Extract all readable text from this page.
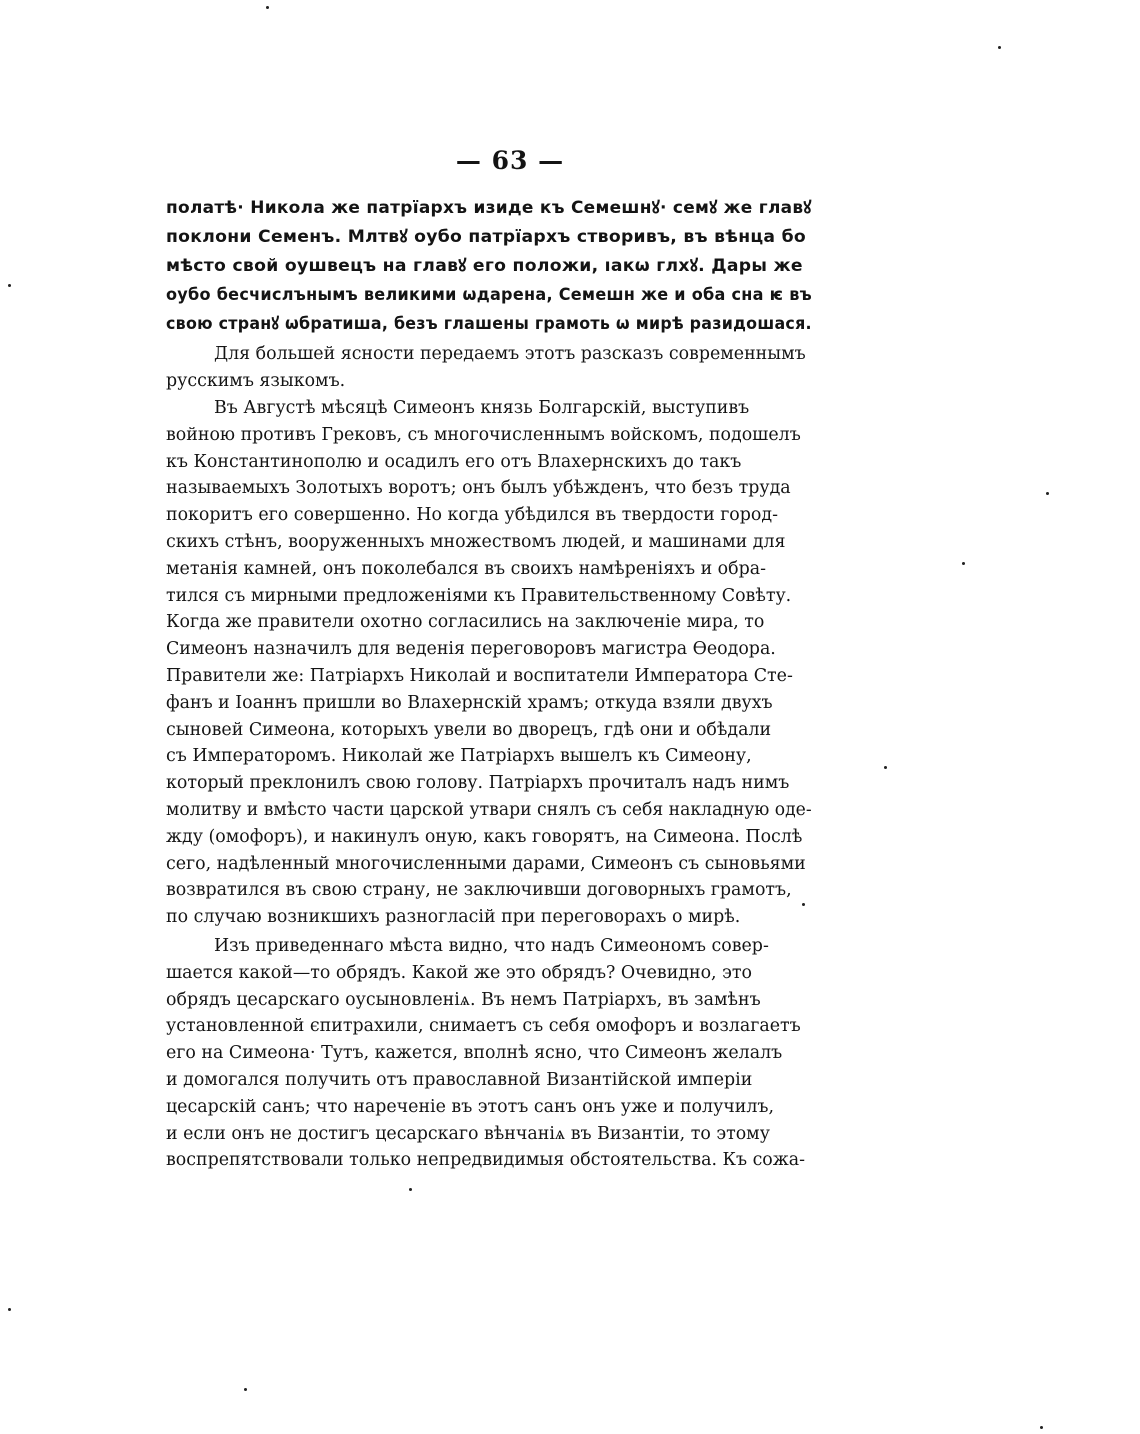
— 63 —
полатѣ· Никола же патрїархъ изиде къ Семешнꙋ· семꙋ же главꙋ
поклони Семенъ. Млтвꙋ оубо патрїархъ створивъ, въ вѣнца бо
мѣсто свой оушвецъ на главꙋ его положи, ıакѡ глхꙋ. Дары же
оубо бесчислънымъ великими ѡдарена, Семешн же и оба сна ѥ въ
свою странꙋ ѡбратиша, безъ глашены грамоть ѡ мирѣ разидошася.
Для большей ясности передаемъ этотъ разсказъ современнымъ
русскимъ языкомъ.
Въ Августѣ мѣсяцѣ Симеонъ князь Болгарскій, выступивъ
войною противъ Грековъ, съ многочисленнымъ войскомъ, подошелъ
къ Константинополю и осадилъ его отъ Влахернскихъ до такъ
называемыхъ Золотыхъ воротъ; онъ былъ убѣжденъ, что безъ труда
покоритъ его совершенно. Но когда убѣдился въ твердости город-
скихъ стѣнъ, вооруженныхъ множествомъ людей, и машинами для
метанія камней, онъ поколебался въ своихъ намѣреніяхъ и обра-
тился съ мирными предложеніями къ Правительственному Совѣту.
Когда же правители охотно согласились на заключеніе мира, то
Симеонъ назначилъ для веденія переговоровъ магистра Ѳеодора.
Правители же: Патріархъ Николай и воспитатели Императора Сте-
фанъ и Іоаннъ пришли во Влахернскій храмъ; откуда взяли двухъ
сыновей Симеона, которыхъ увели во дворецъ, гдѣ они и обѣдали
съ Императоромъ. Николай же Патріархъ вышелъ къ Симеону,
который преклонилъ свою голову. Патріархъ прочиталъ надъ нимъ
молитву и вмѣсто части царской утвари снялъ съ себя накладную оде-
жду (омофоръ), и накинулъ оную, какъ говорятъ, на Симеона. Послѣ
сего, надѣленный многочисленными дарами, Симеонъ съ сыновьями
возвратился въ свою страну, не заключивши договорныхъ грамотъ,
по случаю возникшихъ разногласій при переговорахъ о мирѣ.
Изъ приведеннаго мѣста видно, что надъ Симеономъ совер-
шается какой—то обрядъ. Какой же это обрядъ? Очевидно, это
обрядъ цесарскаго оусыновленіѧ. Въ немъ Патріархъ, въ замѣнъ
установленной єпитрахили, снимаетъ съ себя омофоръ и возлагаетъ
его на Симеона· Тутъ, кажется, вполнѣ ясно, что Симеонъ желалъ
и домогался получить отъ православной Византійской имперіи
цесарскій санъ; что нареченіе въ этотъ санъ онъ уже и получилъ,
и если онъ не достигъ цесарскаго вѣнчаніѧ въ Византіи, то этому
воспрепятствовали только непредвидимыя обстоятельства. Къ сожа-
